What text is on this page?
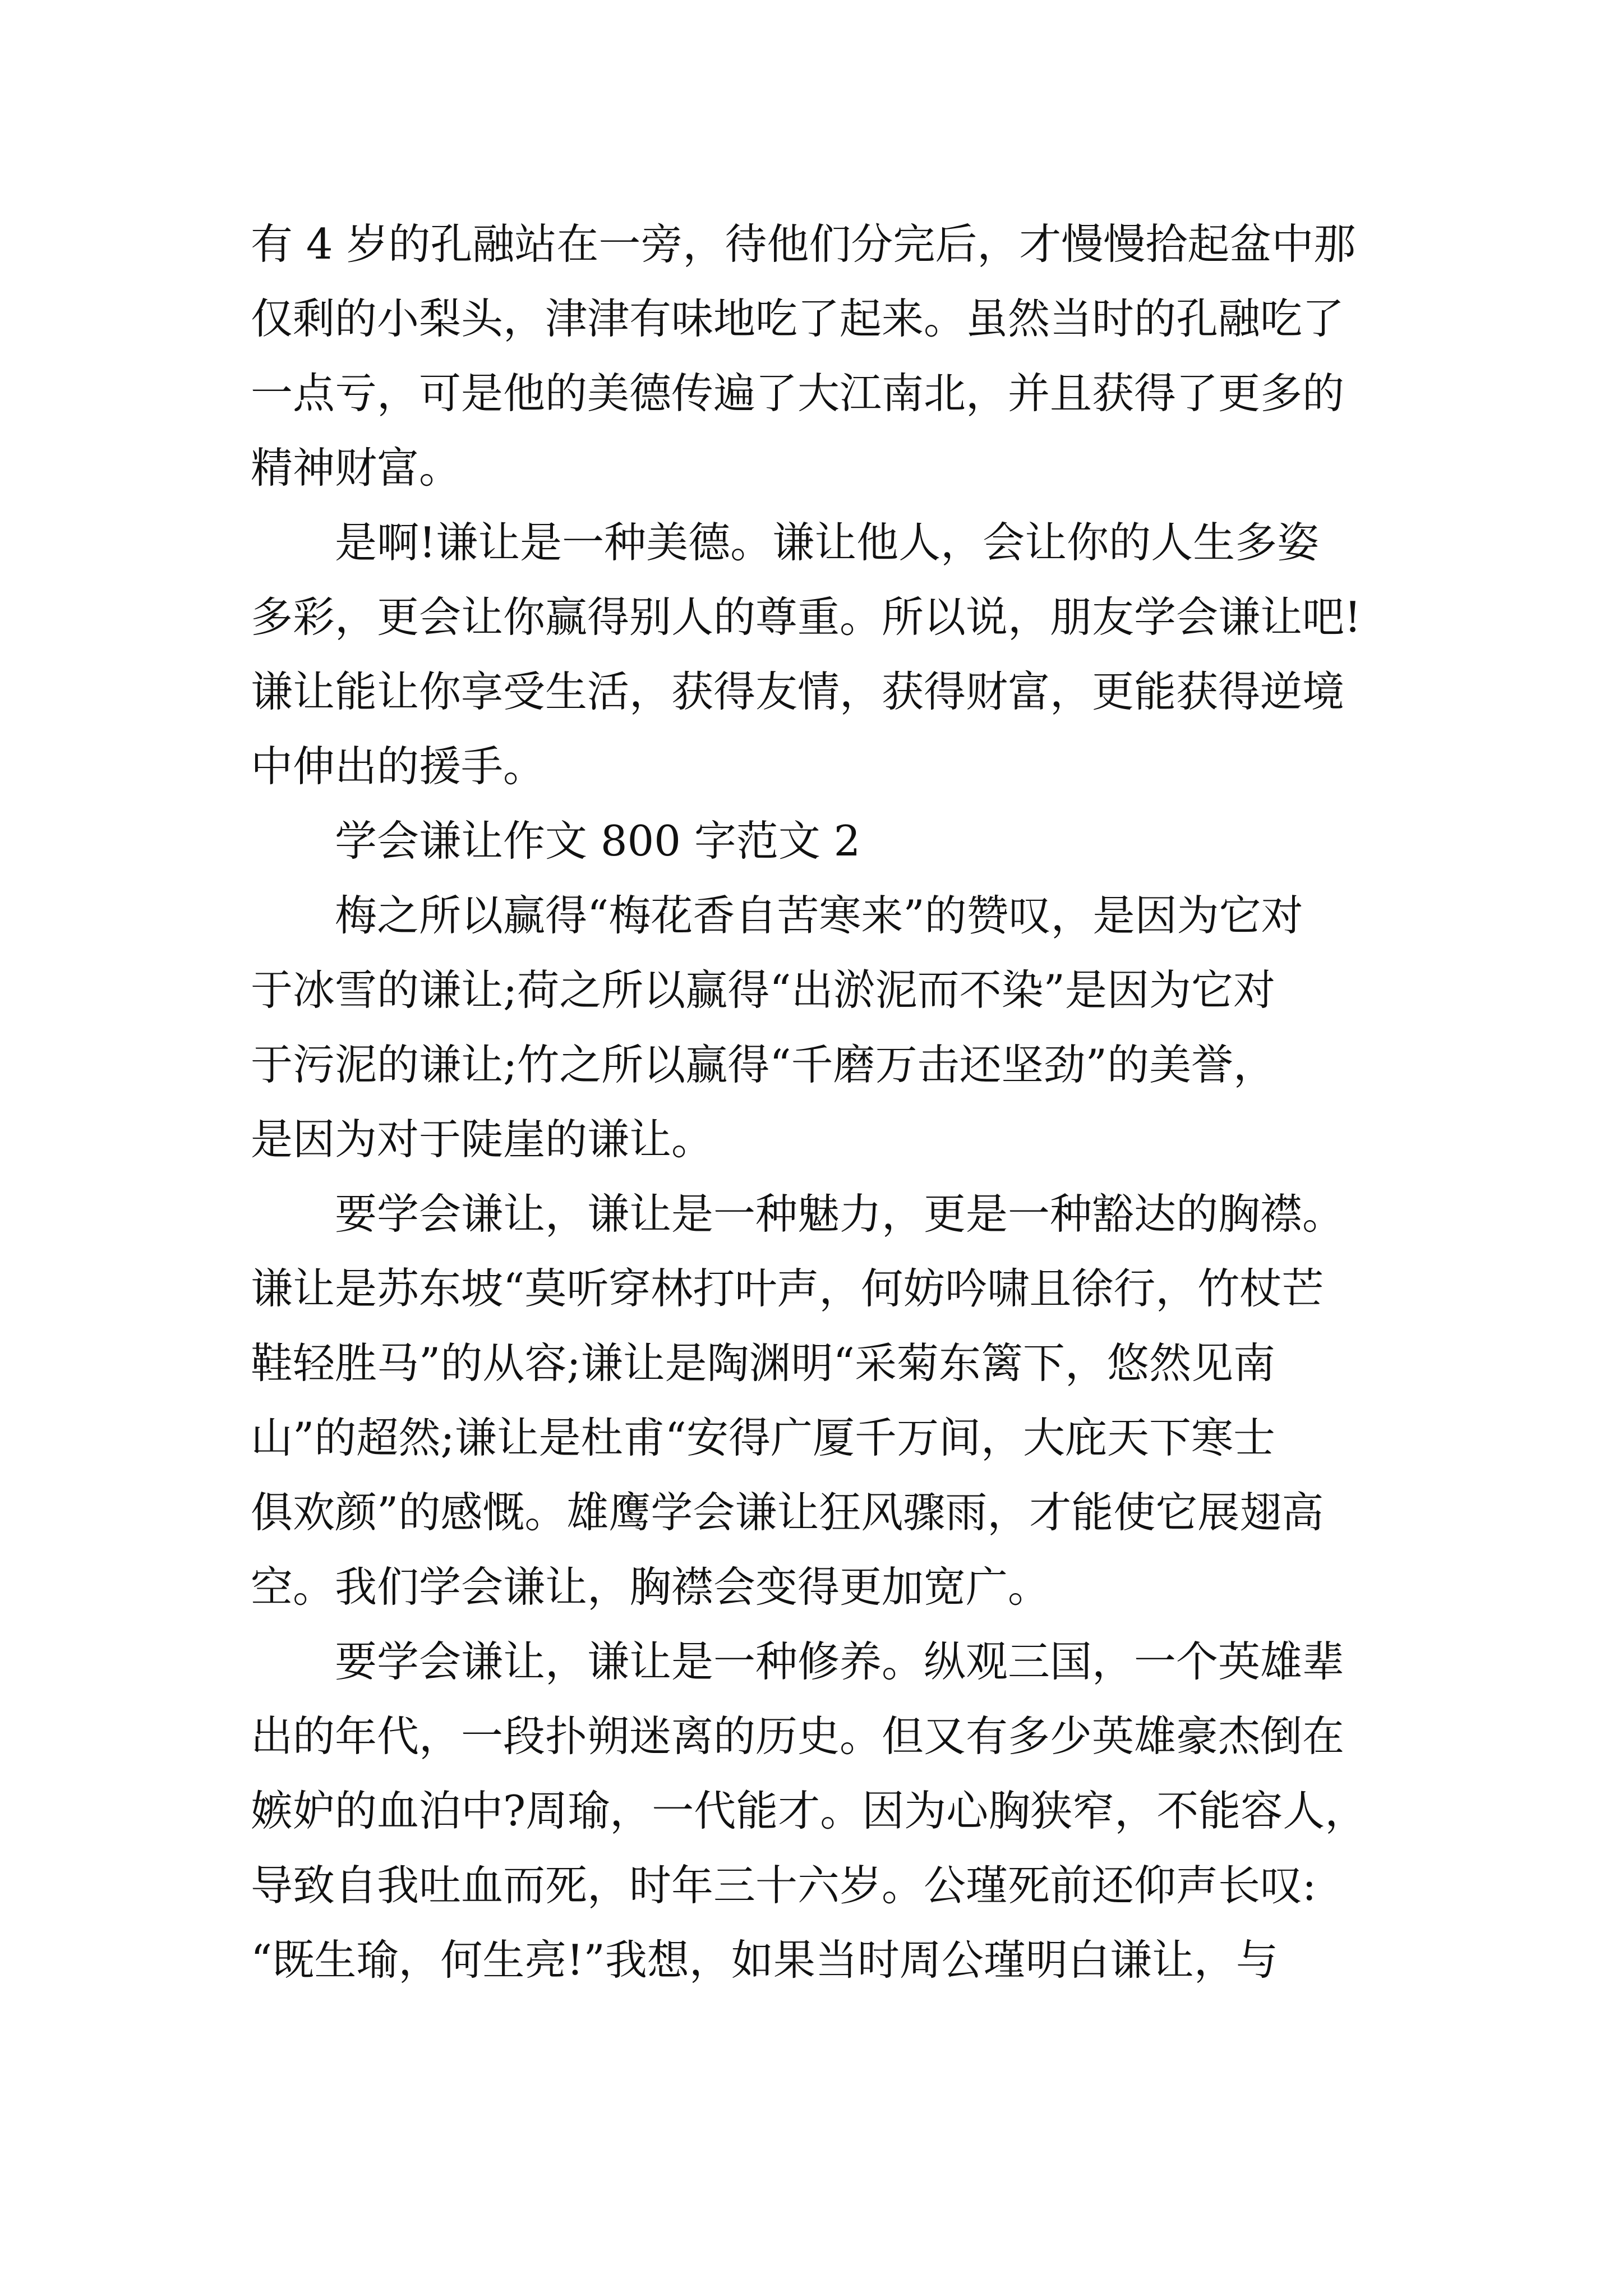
有 4 岁的孔融站在一旁，待他们分完后，才慢慢拾起盆中那
仅剩的小梨头，津津有味地吃了起来。虽然当时的孔融吃了
一点亏，可是他的美德传遍了大江南北，并且获得了更多的
精神财富。
　　是啊!谦让是一种美德。谦让他人，会让你的人生多姿
多彩，更会让你赢得别人的尊重。所以说，朋友学会谦让吧!
谦让能让你享受生活，获得友情，获得财富，更能获得逆境
中伸出的援手。
　　学会谦让作文 800 字范文 2
　　梅之所以赢得“梅花香自苦寒来”的赞叹，是因为它对
于冰雪的谦让;荷之所以赢得“出淤泥而不染”是因为它对
于污泥的谦让;竹之所以赢得“千磨万击还坚劲”的美誉，
是因为对于陡崖的谦让。
　　要学会谦让，谦让是一种魅力，更是一种豁达的胸襟。
谦让是苏东坡“莫听穿林打叶声，何妨吟啸且徐行，竹杖芒
鞋轻胜马”的从容;谦让是陶渊明“采菊东篱下，悠然见南
山”的超然;谦让是杜甫“安得广厦千万间，大庇天下寒士
俱欢颜”的感慨。雄鹰学会谦让狂风骤雨，才能使它展翅高
空。我们学会谦让，胸襟会变得更加宽广。
　　要学会谦让，谦让是一种修养。纵观三国，一个英雄辈
出的年代，一段扑朔迷离的历史。但又有多少英雄豪杰倒在
嫉妒的血泊中?周瑜，一代能才。因为心胸狭窄，不能容人，
导致自我吐血而死，时年三十六岁。公瑾死前还仰声长叹:
“既生瑜，何生亮!”我想，如果当时周公瑾明白谦让，与
